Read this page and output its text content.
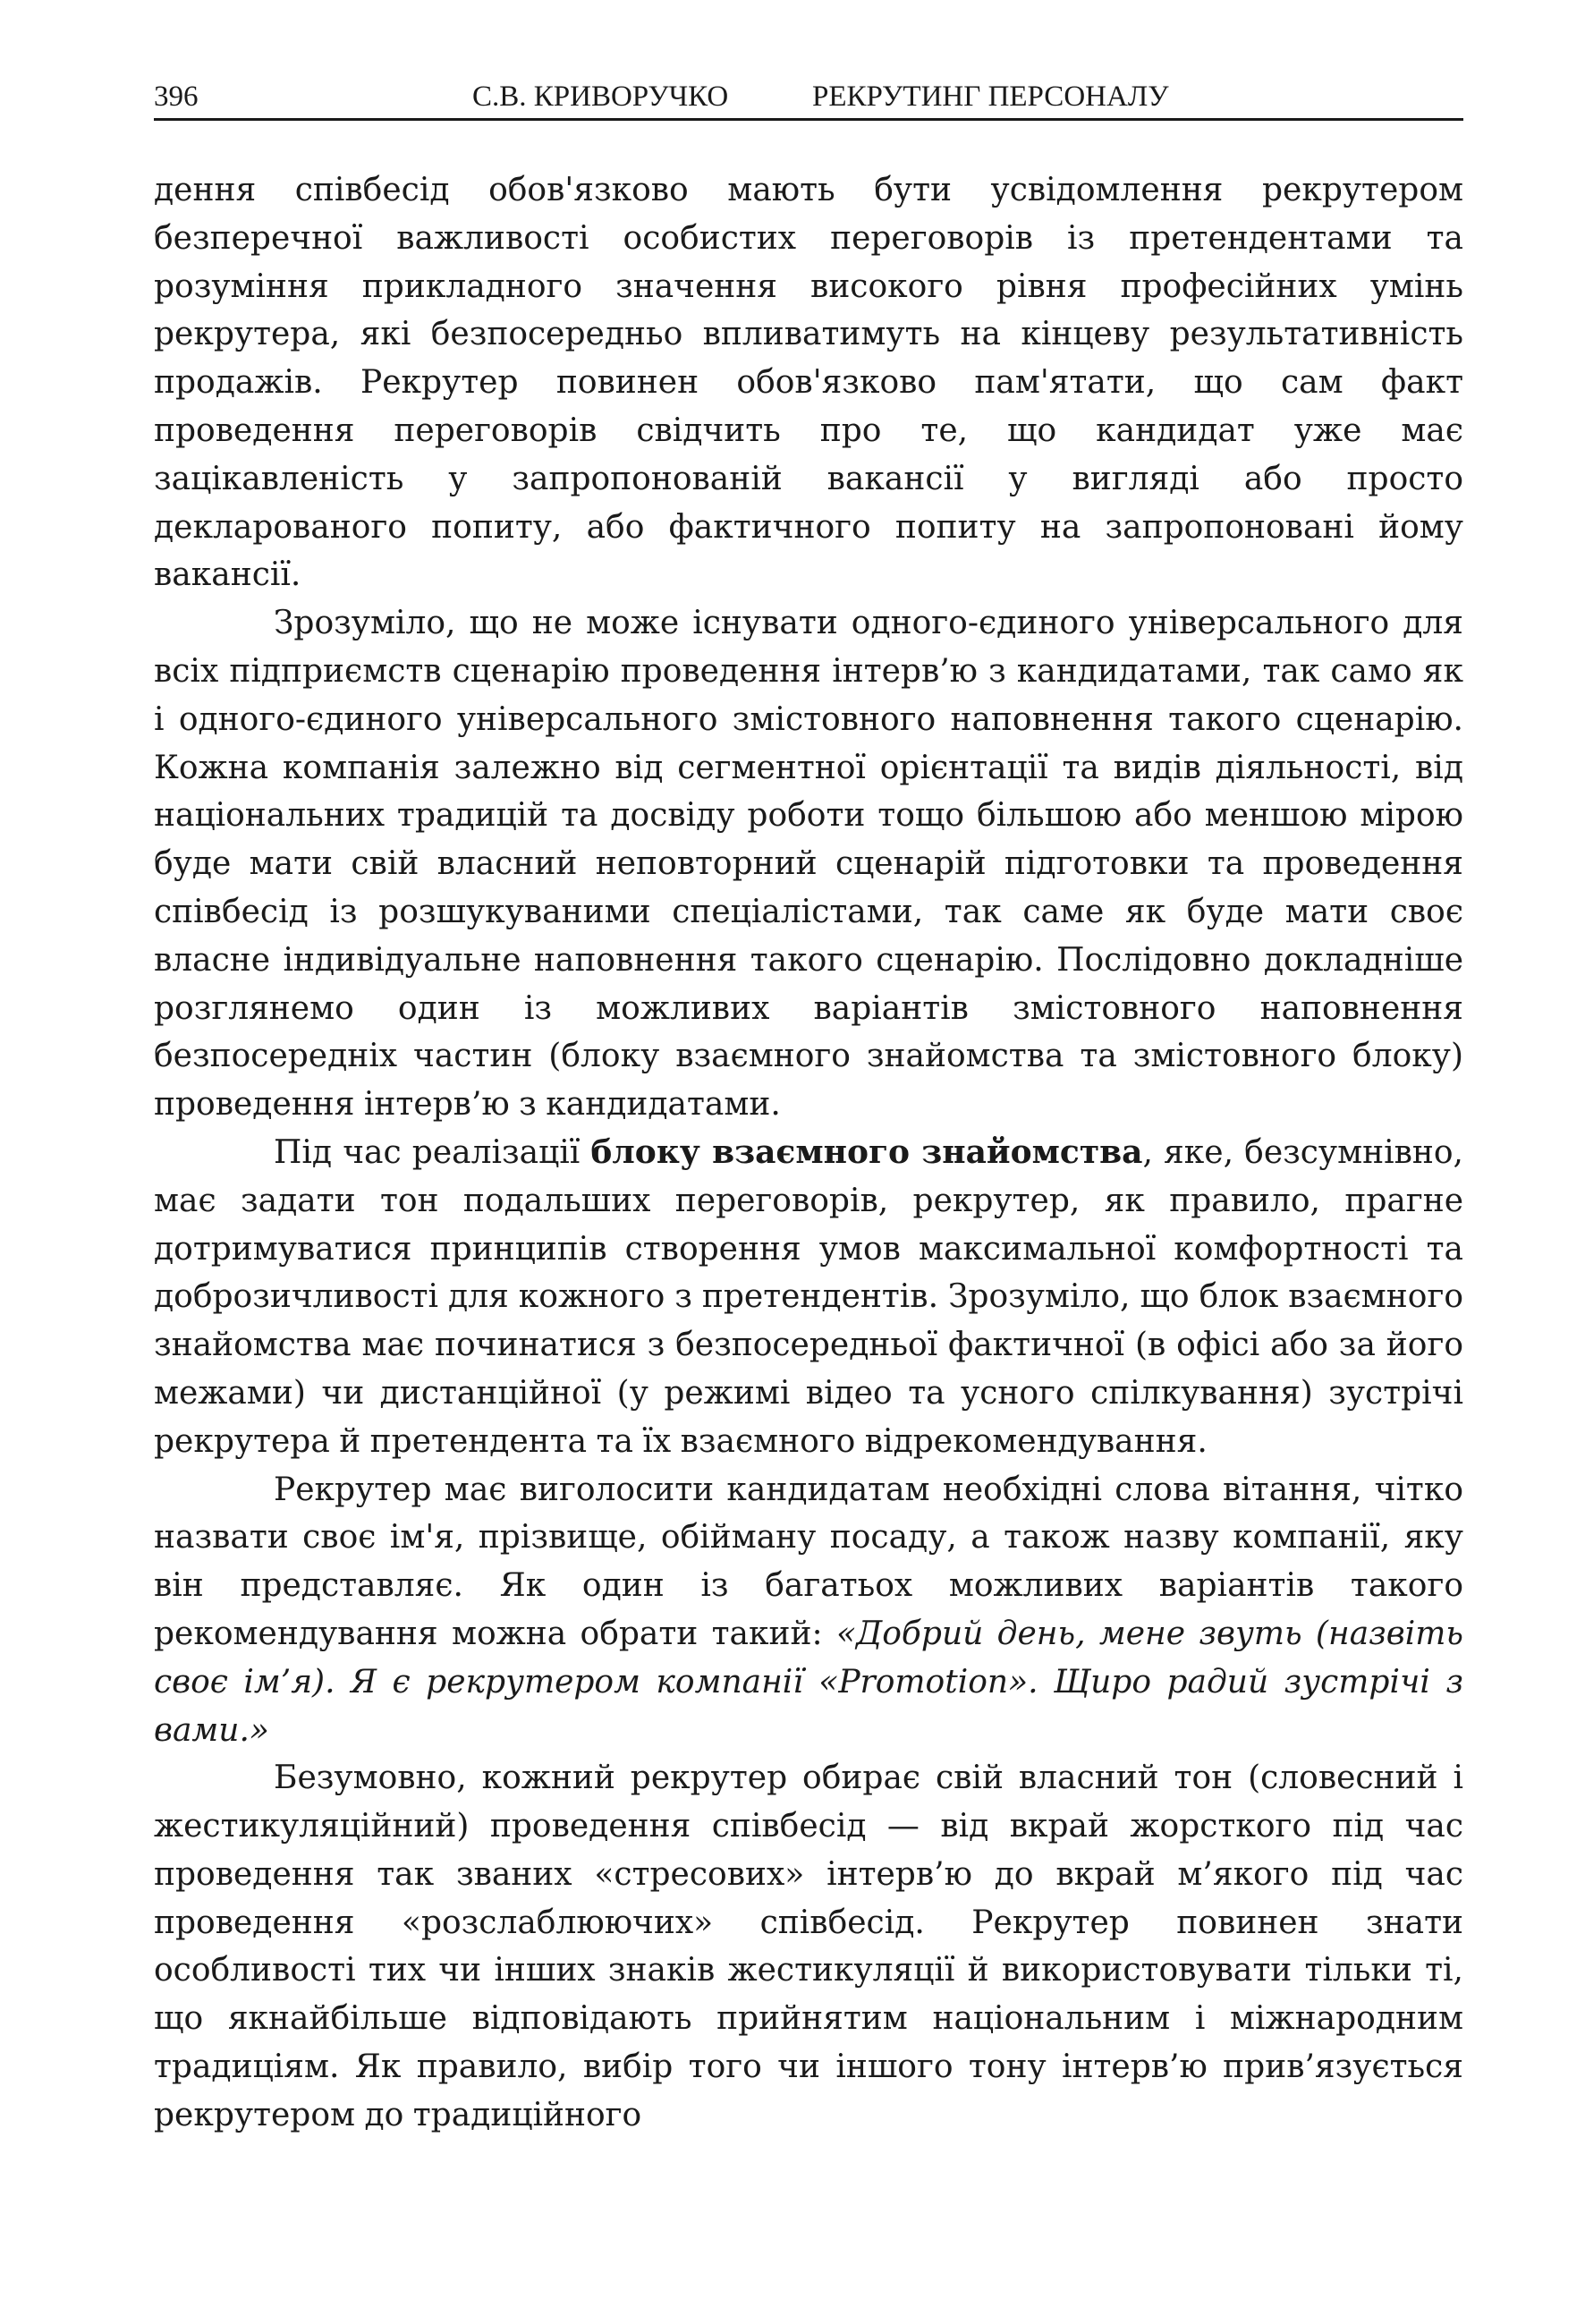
396	С.В. КРИВОРУЧКО	РЕКРУТИНГ ПЕРСОНАЛУ

дення співбесід обов'язково мають бути усвідомлення рекрутером безперечної важливості особистих переговорів із претендентами та розуміння прикладного значення високого рівня професійних умінь рекрутера, які безпосередньо впливатимуть на кінцеву результативність продажів. Рекрутер повинен обов'язково пам'ятати, що сам факт проведення переговорів свідчить про те, що кандидат уже має зацікавленість у запропонованій вакансії у вигляді або просто декларованого попиту, або фактичного попиту на запропоновані йому вакансії.

Зрозуміло, що не може існувати одного-єдиного універсального для всіх підприємств сценарію проведення інтерв’ю з кандидатами, так само як і одного-єдиного універсального змістовного наповнення такого сценарію. Кожна компанія залежно від сегментної орієнтації та видів діяльності, від національних традицій та досвіду роботи тощо більшою або меншою мірою буде мати свій власний неповторний сценарій підготовки та проведення співбесід із розшукуваними спеціалістами, так саме як буде мати своє власне індивідуальне наповнення такого сценарію. Послідовно докладніше розглянемо один із можливих варіантів змістовного наповнення безпосередніх частин (блоку взаємного знайомства та змістовного блоку) проведення інтерв’ю з кандидатами.

Під час реалізації блоку взаємного знайомства, яке, безсумнівно, має задати тон подальших переговорів, рекрутер, як правило, прагне дотримуватися принципів створення умов максимальної комфортності та доброзичливості для кожного з претендентів. Зрозуміло, що блок взаємного знайомства має починатися з безпосередньої фактичної (в офісі або за його межами) чи дистанційної (у режимі відео та усного спілкування) зустрічі рекрутера й претендента та їх взаємного відрекомендування.

Рекрутер має виголосити кандидатам необхідні слова вітання, чітко назвати своє ім'я, прізвище, обійману посаду, а також назву компанії, яку він представляє. Як один із багатьох можливих варіантів такого рекомендування можна обрати такий: «Добрий день, мене звуть (назвіть своє ім’я). Я є рекрутером компанії «Promotion». Щиро радий зустрічі з вами.»

Безумовно, кожний рекрутер обирає свій власний тон (словесний і жестикуляційний) проведення співбесід — від вкрай жорсткого під час проведення так званих «стресових» інтерв’ю до вкрай м’якого під час проведення «розслаблюючих» співбесід. Рекрутер повинен знати особливості тих чи інших знаків жестикуляції й використовувати тільки ті, що якнайбільше відповідають прийнятим національним і міжнародним традиціям. Як правило, вибір того чи іншого тону інтерв’ю прив’язується рекрутером до традиційного
